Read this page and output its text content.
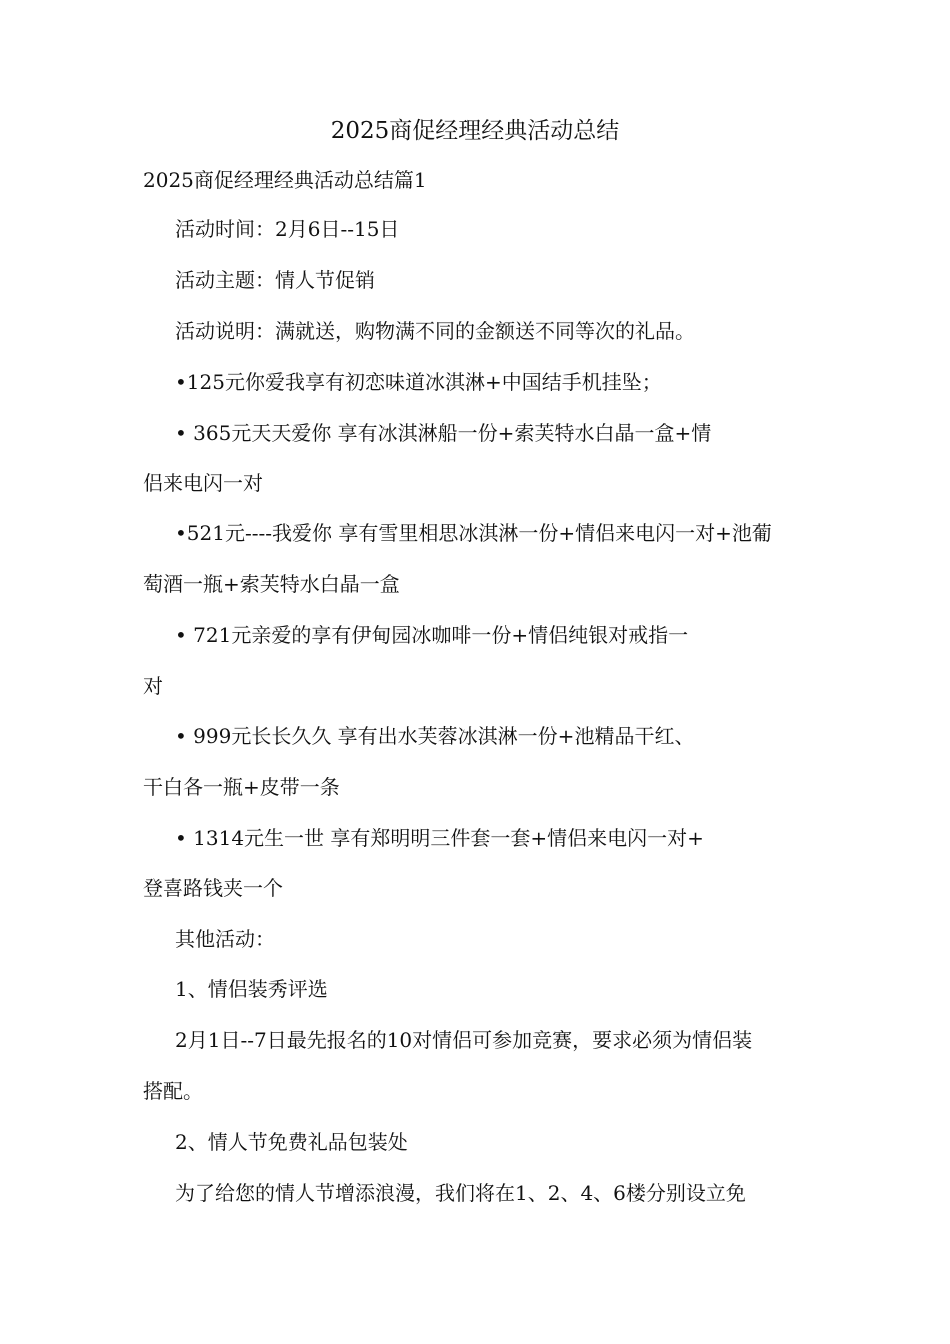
2025商促经理经典活动总结

2025商促经理经典活动总结篇1

活动时间：2月6日--15日

活动主题：情人节促销

活动说明：满就送，购物满不同的金额送不同等次的礼品。

•125元你爱我享有初恋味道冰淇淋+中国结手机挂坠；

• 365元天天爱你 享有冰淇淋船一份+索芙特水白晶一盒+情

侣来电闪一对

•521元----我爱你 享有雪里相思冰淇淋一份+情侣来电闪一对+池葡

萄酒一瓶+索芙特水白晶一盒

• 721元亲爱的享有伊甸园冰咖啡一份+情侣纯银对戒指一

对

• 999元长长久久 享有出水芙蓉冰淇淋一份+池精品干红、

干白各一瓶+皮带一条

• 1314元生一世 享有郑明明三件套一套+情侣来电闪一对+

登喜路钱夹一个

其他活动：

1、情侣装秀评选

2月1日--7日最先报名的10对情侣可参加竞赛，要求必须为情侣装

搭配。

2、情人节免费礼品包装处

为了给您的情人节增添浪漫，我们将在1、2、4、6楼分别设立免
